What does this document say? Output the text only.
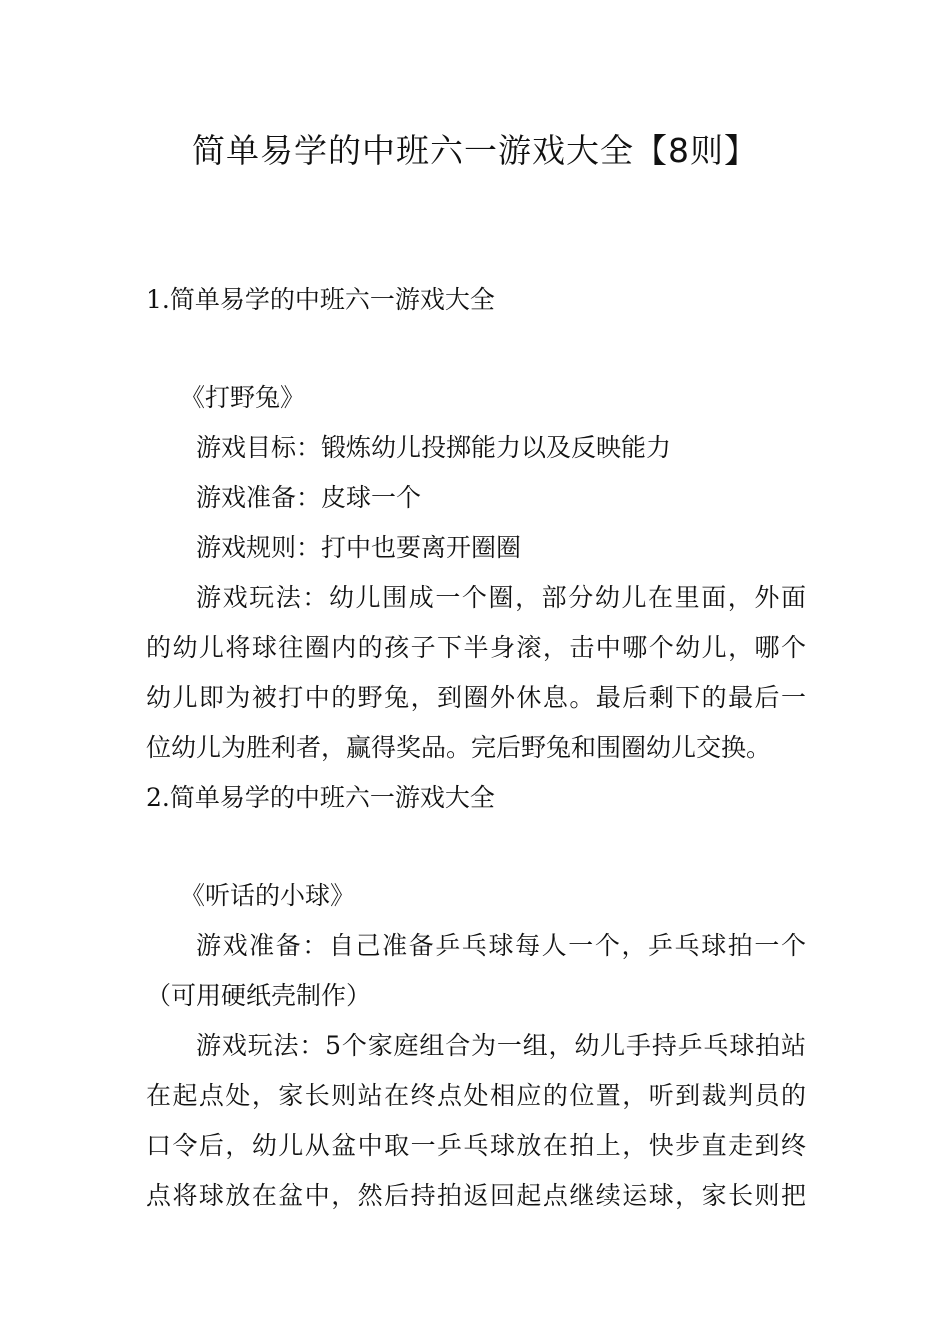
简单易学的中班六一游戏大全【8则】

1.简单易学的中班六一游戏大全

《打野兔》

游戏目标：锻炼幼儿投掷能力以及反映能力

游戏准备：皮球一个

游戏规则：打中也要离开圈圈

游戏玩法：幼儿围成一个圈，部分幼儿在里面，外面

的幼儿将球往圈内的孩子下半身滚，击中哪个幼儿，哪个

幼儿即为被打中的野兔，到圈外休息。最后剩下的最后一

位幼儿为胜利者，赢得奖品。完后野兔和围圈幼儿交换。

2.简单易学的中班六一游戏大全

《听话的小球》

游戏准备：自己准备乒乓球每人一个，乒乓球拍一个

（可用硬纸壳制作）

游戏玩法：5个家庭组合为一组，幼儿手持乒乓球拍站

在起点处，家长则站在终点处相应的位置，听到裁判员的

口令后，幼儿从盆中取一乒乓球放在拍上，快步直走到终

点将球放在盆中，然后持拍返回起点继续运球，家长则把
